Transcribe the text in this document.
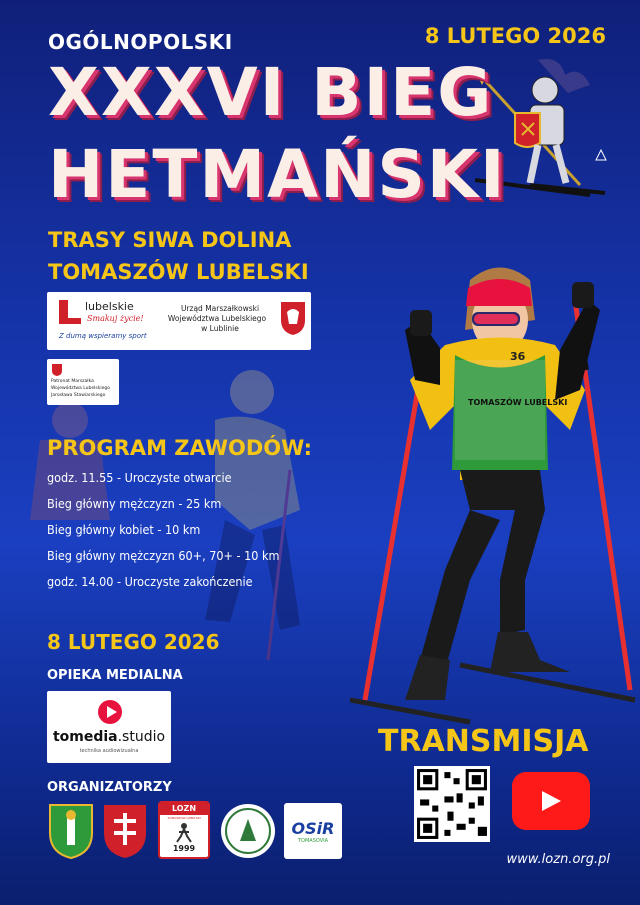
36
TOMASZÓW LUBELSKI
OGÓLNOPOLSKI	8 LUTEGO 2026
XXXVI BIEG
HETMAŃSKI
TRASY SIWA DOLINA
TOMASZÓW LUBELSKI
lubelskie
Smakuj życie!
Z dumą wspieramy sport
Urząd Marszałkowski
Województwa Lubelskiego
w Lublinie
Patronat Marszałka
Województwa Lubelskiego
Jarosława Stawiarskiego
PROGRAM ZAWODÓW:
godz. 11.55 - Uroczyste otwarcie
Bieg główny mężczyzn - 25 km
Bieg główny kobiet - 10 km
Bieg główny mężczyzn 60+, 70+ - 10 km
godz. 14.00 - Uroczyste zakończenie
8 LUTEGO 2026
OPIEKA MEDIALNA
tomedia.studio
technika audiowizualna
ORGANIZATORZY
LOZN
TOMASZÓW LUBELSKI
1999
OSiR
TOMASOVIA
TRANSMISJA
www.lozn.org.pl
